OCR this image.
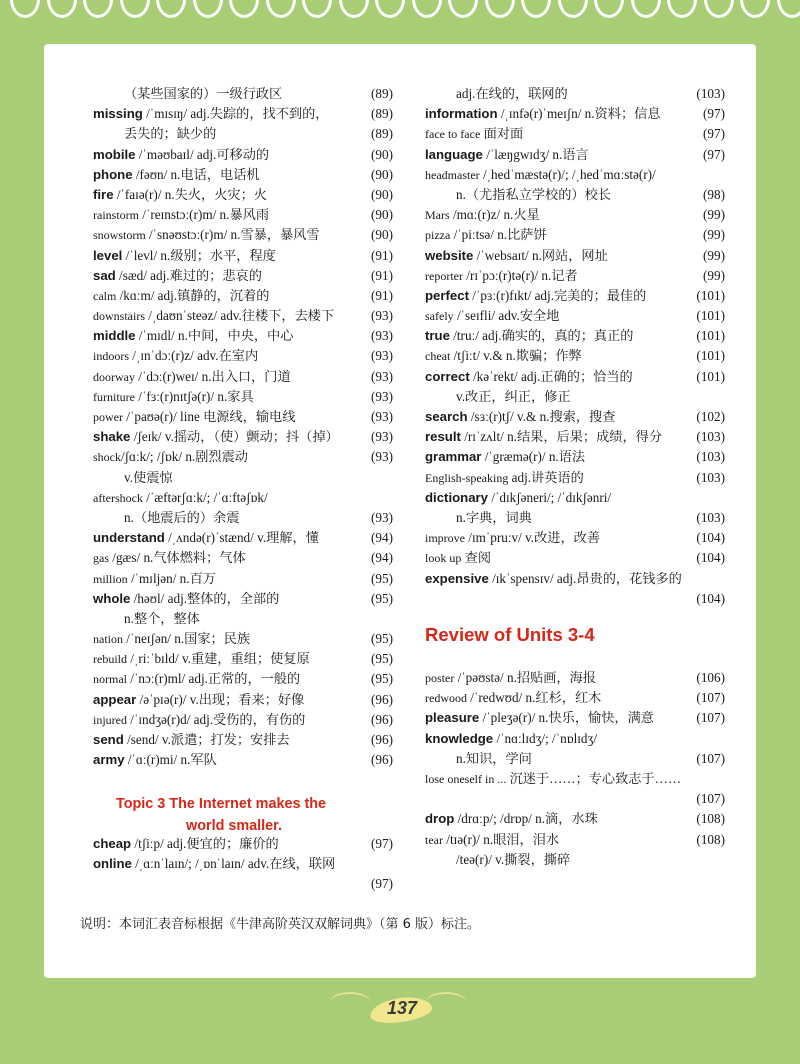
（某些国家的）一级行政区	(89)
missing /ˈmɪsɪŋ/ adj.失踪的，找不到的，	(89)
丢失的；缺少的	(89)
mobile /ˈməʊbaɪl/ adj.可移动的	(90)
phone /fəʊn/ n.电话，电话机	(90)
fire /ˈfaɪə(r)/ n.失火，火灾；火	(90)
rainstorm /ˈreɪnstɔː(r)m/ n.暴风雨	(90)
snowstorm /ˈsnəʊstɔː(r)m/ n.雪暴，暴风雪	(90)
level /ˈlevl/ n.级别；水平，程度	(91)
sad /sæd/ adj.难过的；悲哀的	(91)
calm /kɑːm/ adj.镇静的，沉着的	(91)
downstairs /ˌdaʊnˈsteəz/ adv.往楼下，去楼下	(93)
middle /ˈmɪdl/ n.中间，中央，中心	(93)
indoors /ˌɪnˈdɔː(r)z/ adv.在室内	(93)
doorway /ˈdɔː(r)weɪ/ n.出入口，门道	(93)
furniture /ˈfɜː(r)nɪtʃə(r)/ n.家具	(93)
power /ˈpaʊə(r)/ line 电源线，输电线	(93)
shake /ʃeɪk/ v.摇动，（使）颤动；抖（掉） (93)
shock/ʃɑːk/; /ʃɒk/ n.剧烈震动	(93)
v.使震惊
aftershock /ˈæftərʃɑːk/; /ˈɑːftəʃɒk/
n.（地震后的）余震	(93)
understand /ˌʌndə(r)ˈstænd/ v.理解，懂	(94)
gas /gæs/ n.气体燃料；气体	(94)
million /ˈmɪljən/ n.百万	(95)
whole /həʊl/ adj.整体的，全部的	(95)
n.整个，整体
nation /ˈneɪʃən/ n.国家；民族	(95)
rebuild /ˌriːˈbɪld/ v.重建，重组；使复原	(95)
normal /ˈnɔː(r)ml/ adj.正常的，一般的	(95)
appear /əˈpɪə(r)/ v.出现；看来；好像	(96)
injured /ˈɪndʒə(r)d/ adj.受伤的，有伤的	(96)
send /send/ v.派遣；打发；安排去	(96)
army /ˈɑː(r)mi/ n.军队	(96)
Topic 3 The Internet makes the
world smaller.
cheap /tʃiːp/ adj.便宜的；廉价的	(97)
online /ˌɑːnˈlaɪn/; /ˌɒnˈlaɪn/ adv.在线，联网
(97)
adj.在线的，联网的	(103)
information /ˌɪnfə(r)ˈmeɪʃn/ n.资料；信息	(97)
face to face 面对面	(97)
language /ˈlæŋgwɪdʒ/ n.语言	(97)
headmaster /ˌhedˈmæstə(r)/; /ˌhedˈmɑːstə(r)/
n.（尤指私立学校的）校长	(98)
Mars /mɑː(r)z/ n.火星	(99)
pizza /ˈpiːtsə/ n.比萨饼	(99)
website /ˈwebsaɪt/ n.网站，网址	(99)
reporter /rɪˈpɔː(r)tə(r)/ n.记者	(99)
perfect /ˈpɜː(r)fɪkt/ adj.完美的；最佳的	(101)
safely /ˈseɪfli/ adv.安全地	(101)
true /truː/ adj.确实的，真的；真正的	(101)
cheat /tʃiːt/ v.& n.欺骗；作弊	(101)
correct /kəˈrekt/ adj.正确的；恰当的	(101)
v.改正，纠正，修正
search /sɜː(r)tʃ/ v.& n.搜索，搜查	(102)
result /rɪˈzʌlt/ n.结果，后果；成绩，得分	(103)
grammar /ˈgræmə(r)/ n.语法	(103)
English-speaking adj.讲英语的	(103)
dictionary /ˈdɪkʃəneri/; /ˈdɪkʃənri/
n.字典，词典	(103)
improve /ɪmˈpruːv/ v.改进，改善	(104)
look up 查阅	(104)
expensive /ɪkˈspensɪv/ adj.昂贵的，花钱多的
(104)
Review of Units 3-4
poster /ˈpəʊstə/ n.招贴画，海报	(106)
redwood /ˈredwʊd/ n.红杉，红木	(107)
pleasure /ˈpleʒə(r)/ n.快乐，愉快，满意	(107)
knowledge /ˈnɑːlɪdʒ/; /ˈnɒlɪdʒ/
n.知识，学问	(107)
lose oneself in ... 沉迷于……；专心致志于……
(107)
drop /drɑːp/; /drɒp/ n.滴，水珠	(108)
tear /tɪə(r)/ n.眼泪，泪水	(108)
/teə(r)/ v.撕裂，撕碎
说明：本词汇表音标根据《牛津高阶英汉双解词典》（第 6 版）标注。
137
